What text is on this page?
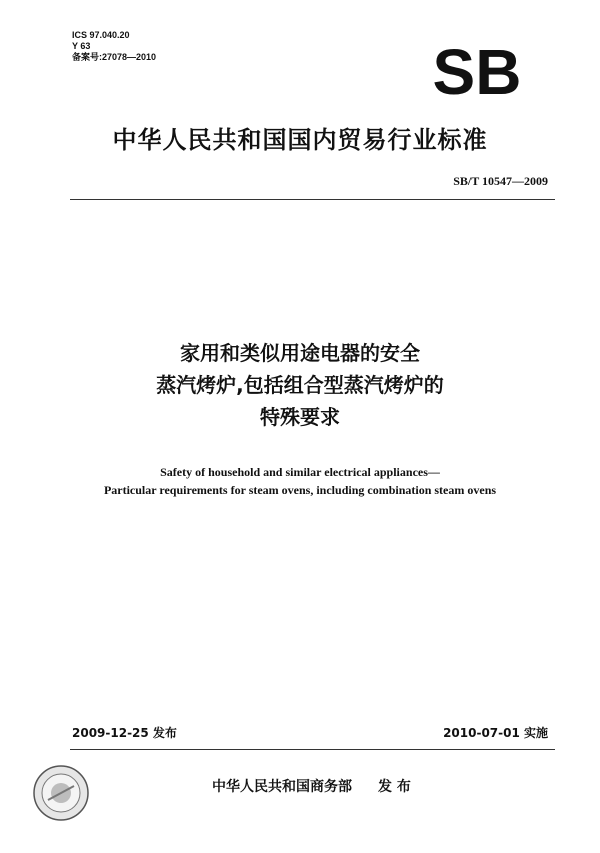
ICS 97.040.20
Y 63
备案号:27078—2010	SB
中华人民共和国国内贸易行业标准
SB/T 10547—2009
家用和类似用途电器的安全
蒸汽烤炉,包括组合型蒸汽烤炉的
特殊要求
Safety of household and similar electrical appliances—
Particular requirements for steam ovens, including combination steam ovens
2009-12-25 发布	2010-07-01 实施
中华人民共和国商务部 发 布
